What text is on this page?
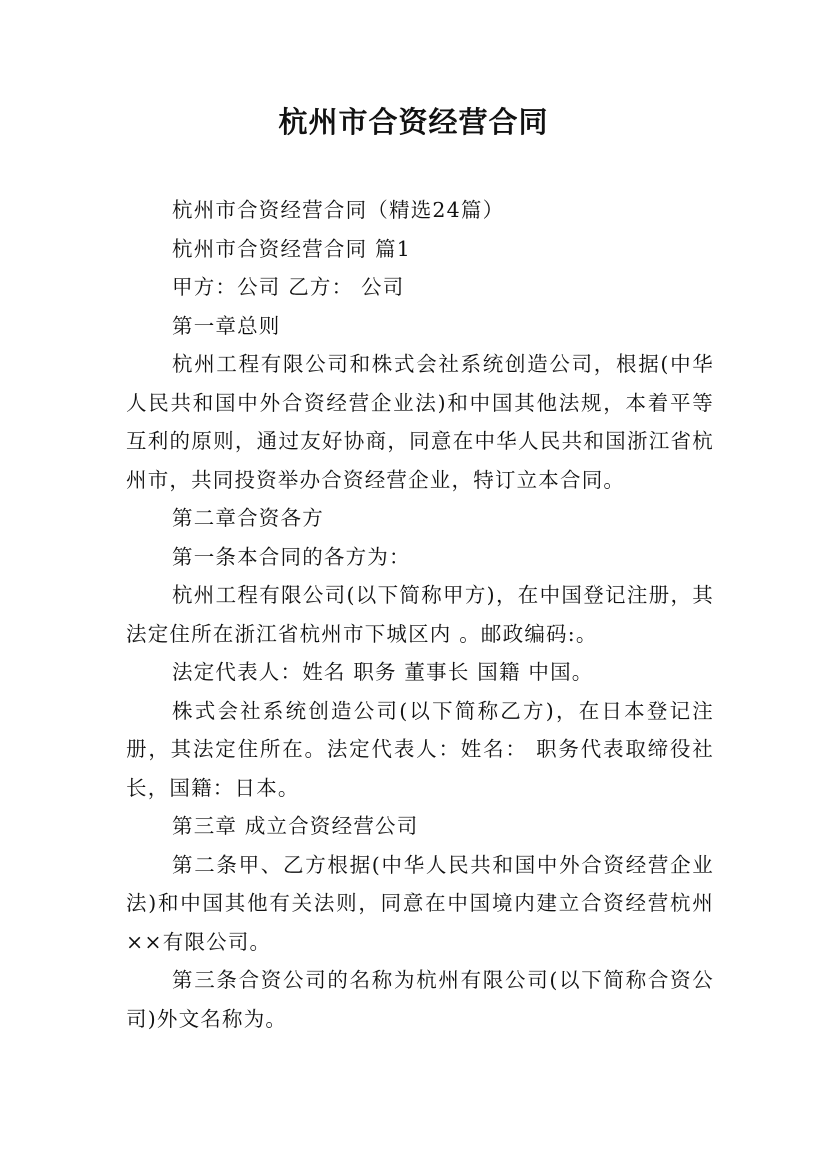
杭州市合资经营合同

杭州市合资经营合同（精选24篇）

杭州市合资经营合同 篇1

甲方：公司 乙方： 公司

第一章总则

杭州工程有限公司和株式会社系统创造公司，根据(中华人民共和国中外合资经营企业法)和中国其他法规，本着平等互利的原则，通过友好协商，同意在中华人民共和国浙江省杭州市，共同投资举办合资经营企业，特订立本合同。

第二章合资各方

第一条本合同的各方为：

杭州工程有限公司(以下简称甲方)，在中国登记注册，其法定住所在浙江省杭州市下城区内 。邮政编码:。

法定代表人：姓名 职务 董事长 国籍 中国。

株式会社系统创造公司(以下简称乙方)，在日本登记注册，其法定住所在。法定代表人：姓名： 职务代表取缔役社长，国籍：日本。

第三章 成立合资经营公司

第二条甲、乙方根据(中华人民共和国中外合资经营企业法)和中国其他有关法则，同意在中国境内建立合资经营杭州××有限公司。

第三条合资公司的名称为杭州有限公司(以下简称合资公司)外文名称为。
